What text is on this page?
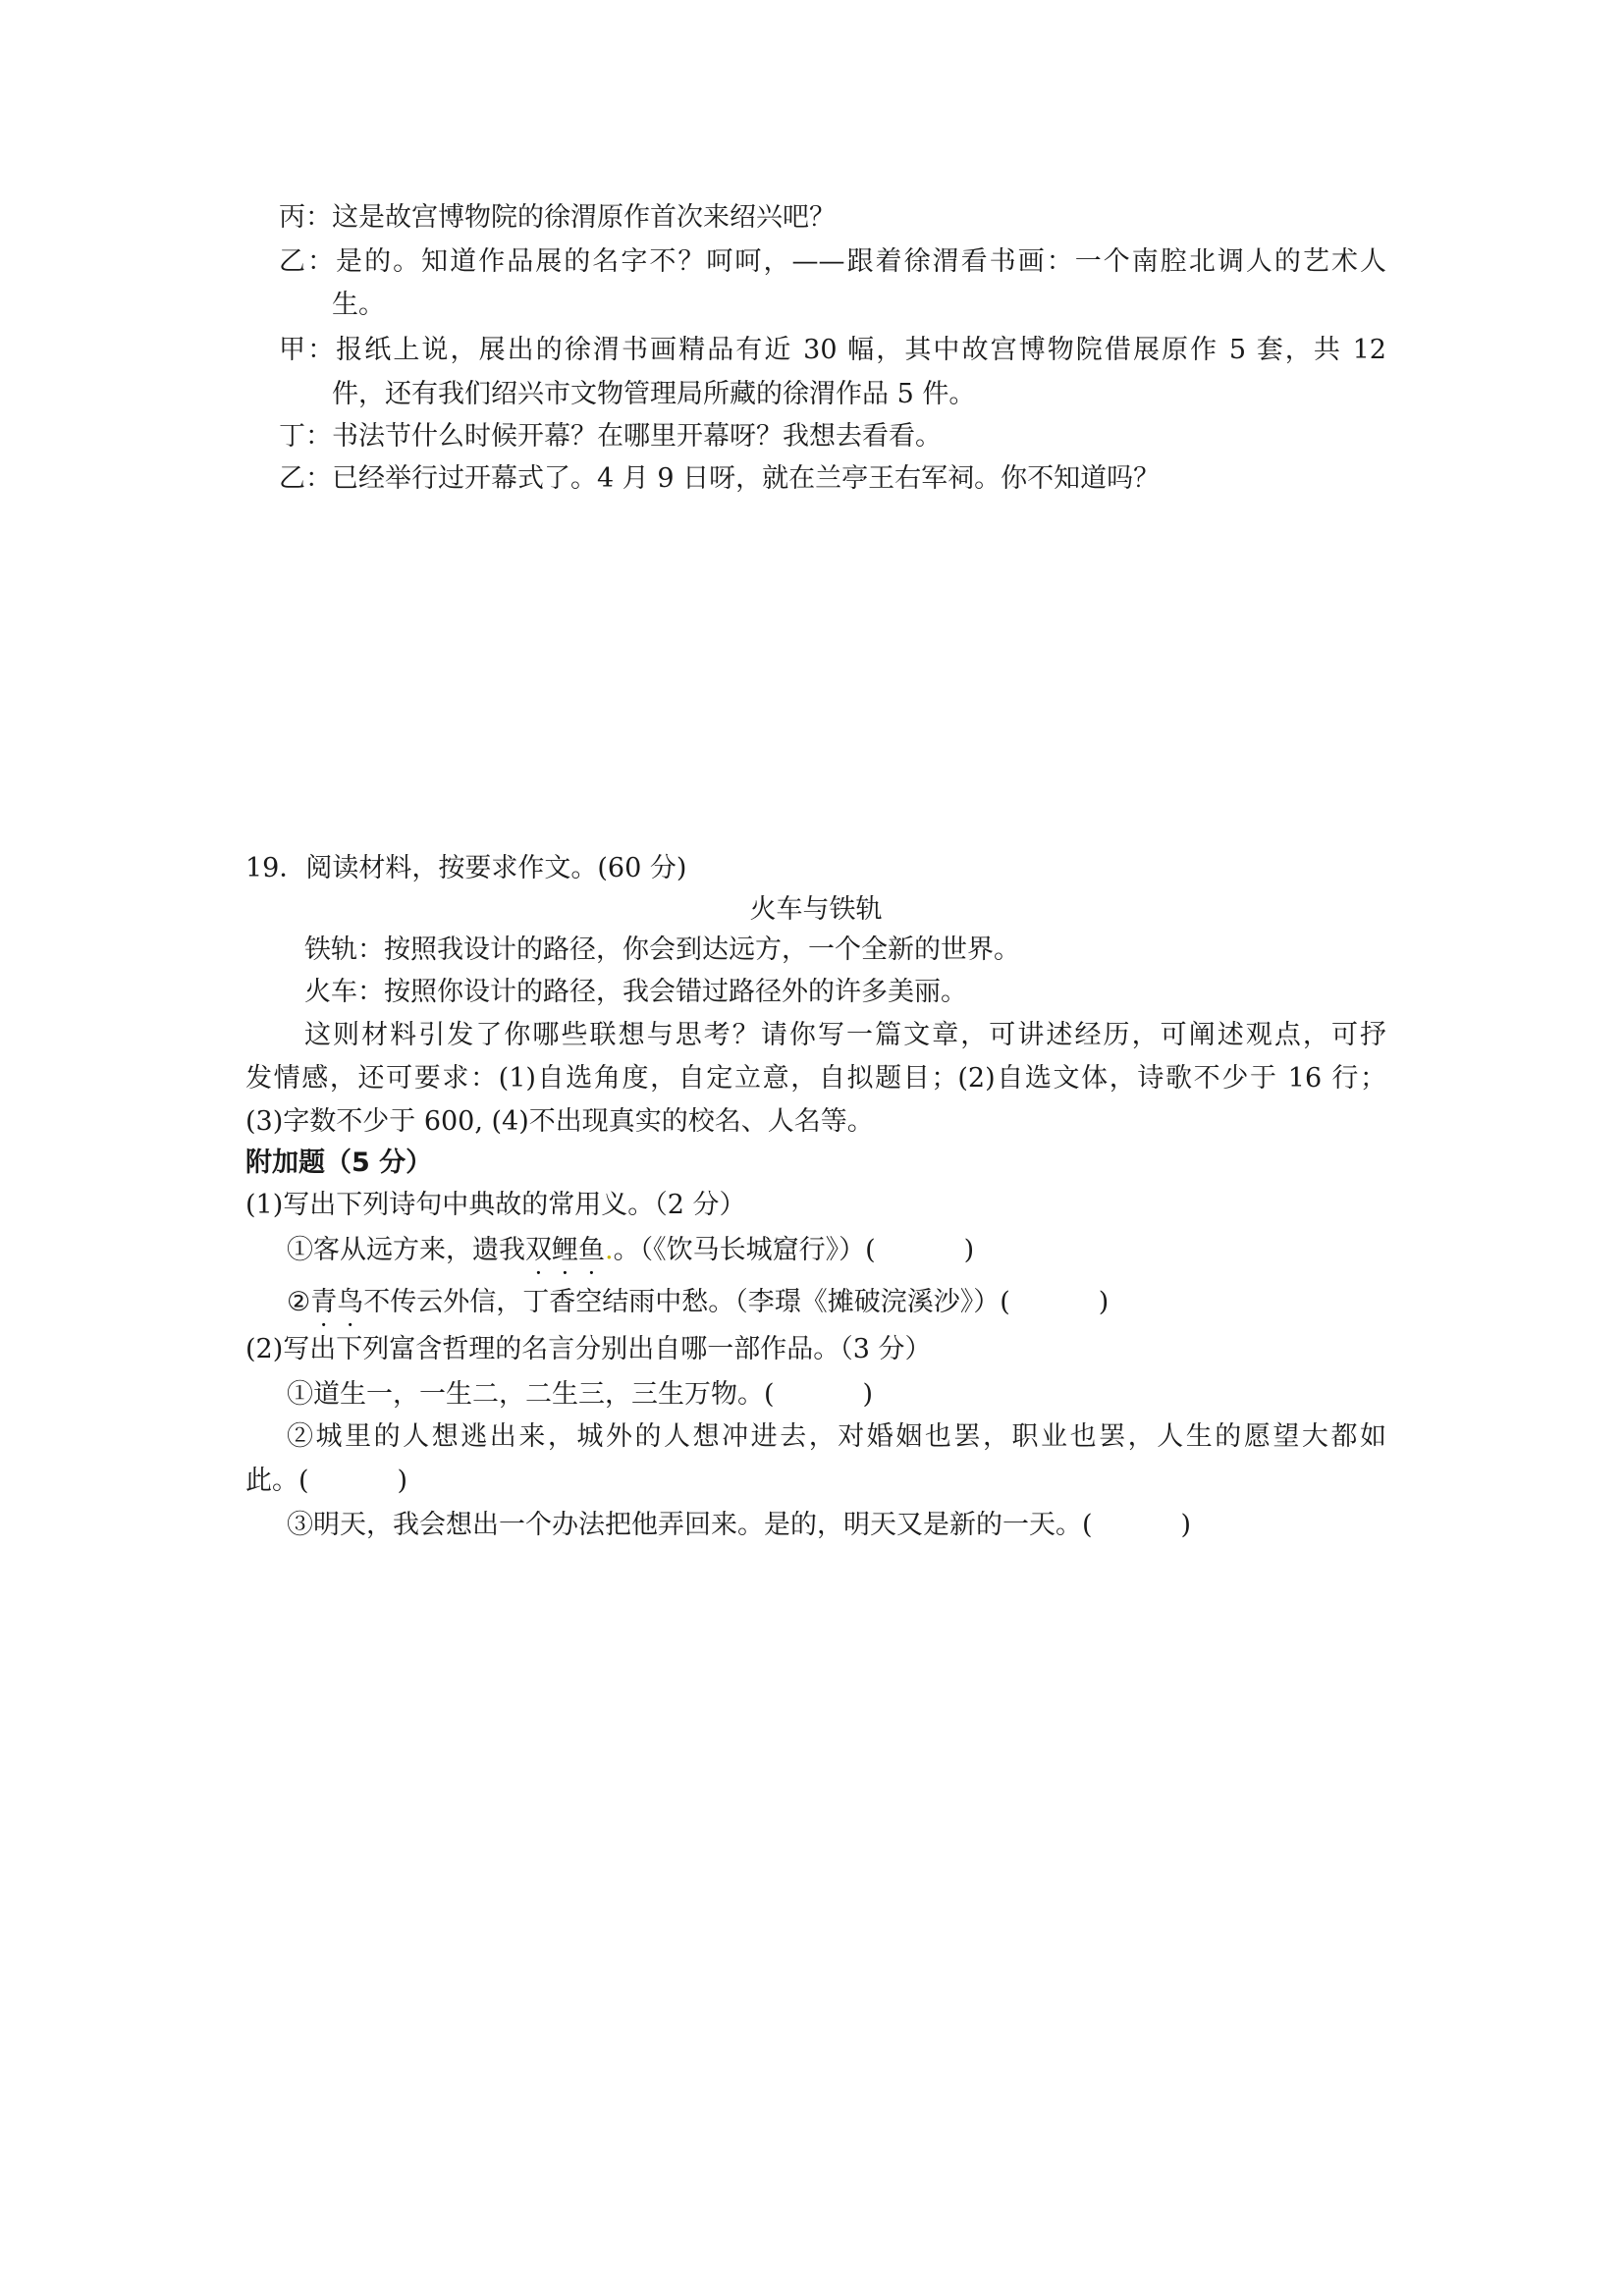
丙：这是故宫博物院的徐渭原作首次来绍兴吧？
乙：是的。知道作品展的名字不？呵呵，——跟着徐渭看书画：一个南腔北调人的艺术人
生。
甲：报纸上说，展出的徐渭书画精品有近 30 幅，其中故宫博物院借展原作 5 套，共 12
件，还有我们绍兴市文物管理局所藏的徐渭作品 5 件。
丁：书法节什么时候开幕？在哪里开幕呀？我想去看看。
乙：已经举行过开幕式了。4 月 9 日呀，就在兰亭王右军祠。你不知道吗？
19．阅读材料，按要求作文。(60 分)
火车与铁轨
铁轨：按照我设计的路径，你会到达远方，一个全新的世界。
火车：按照你设计的路径，我会错过路径外的许多美丽。
这则材料引发了你哪些联想与思考？请你写一篇文章，可讲述经历，可阐述观点，可抒
发情感，还可要求：(1)自选角度，自定立意，自拟题目；(2)自选文体，诗歌不少于 16 行；
(3)字数不少于 600, (4)不出现真实的校名、人名等。
附加题（5 分）
(1)写出下列诗句中典故的常用义。（2 分）
①客从远方来，遗我双鲤鱼.。（《饮马长城窟行》）(	)
②青鸟不传云外信，丁香空结雨中愁。（李璟《摊破浣溪沙》）(	)
(2)写出下列富含哲理的名言分别出自哪一部作品。（3 分）
①道生一，一生二，二生三，三生万物。(	)
②城里的人想逃出来，城外的人想冲进去，对婚姻也罢，职业也罢，人生的愿望大都如
此。(	)
③明天，我会想出一个办法把他弄回来。是的，明天又是新的一天。(	)
